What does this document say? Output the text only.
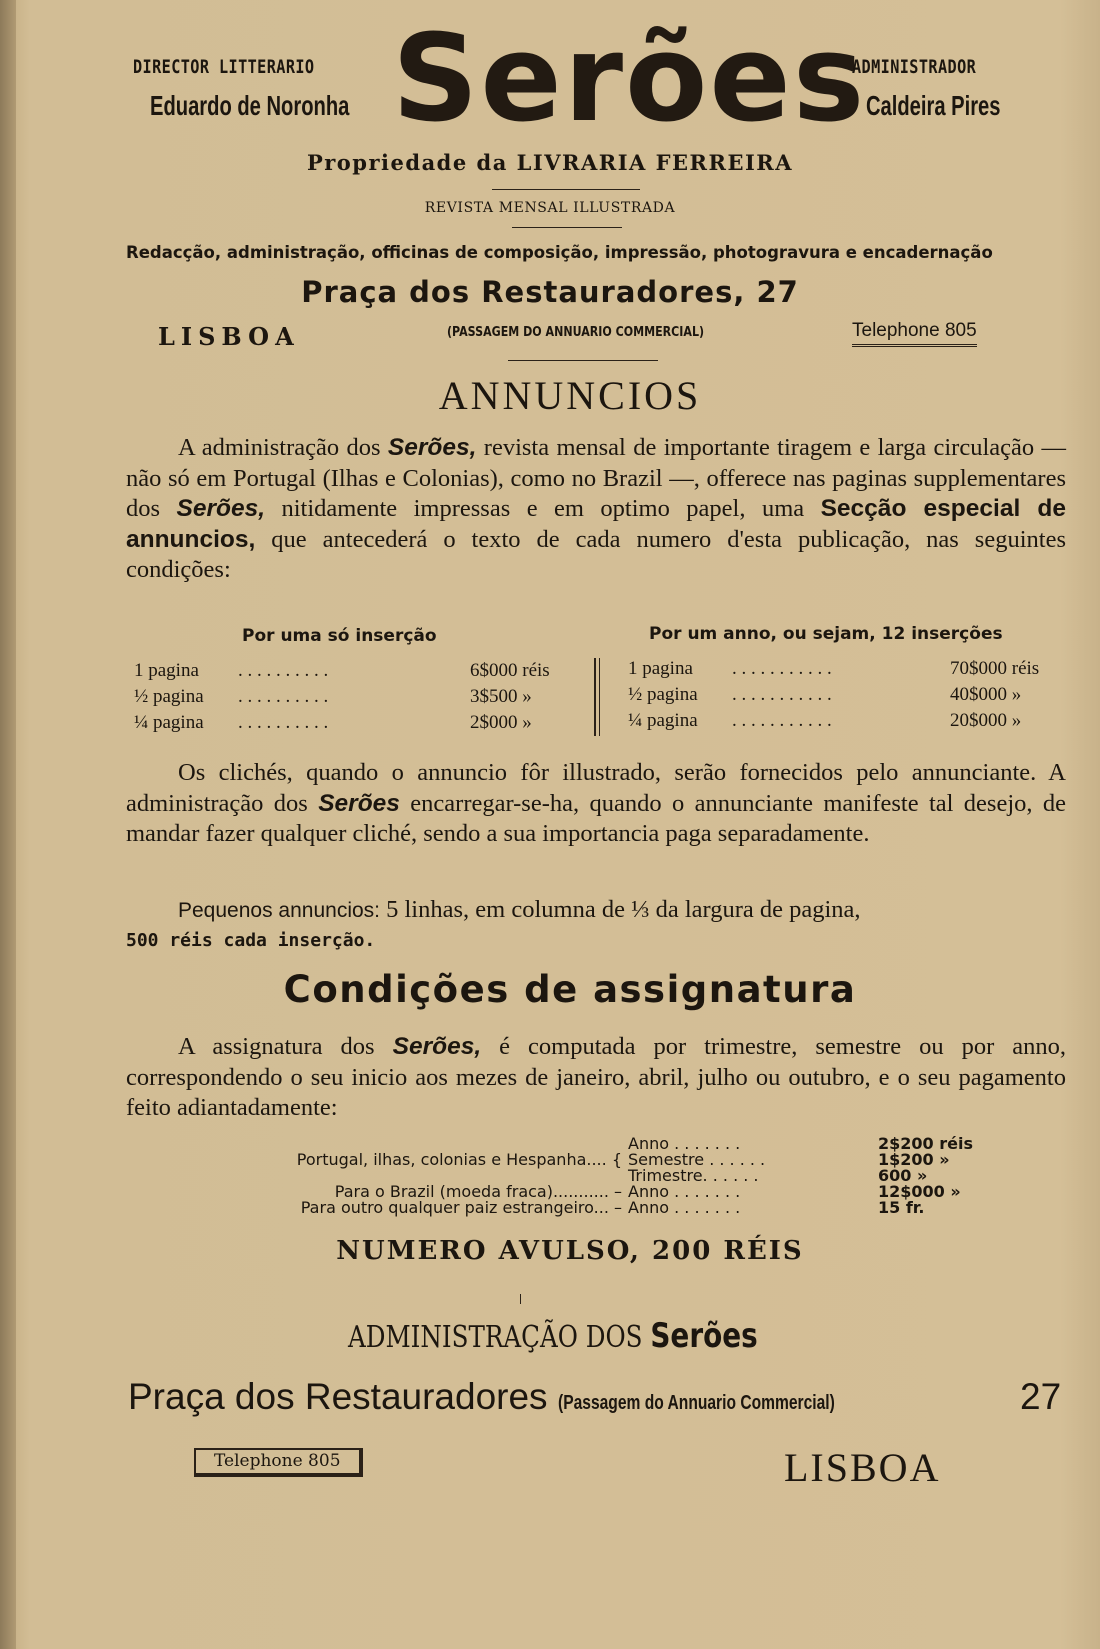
DIRECTOR LITTERARIO
Eduardo de Noronha Serões
ADMINISTRADOR
Caldeira Pires
Propriedade da LIVRARIA FERREIRA
REVISTA MENSAL ILLUSTRADA
Redacção, administração, officinas de composição, impressão, photogravura e encadernação
Praça dos Restauradores, 27
LISBOA	(PASSAGEM DO ANNUARIO COMMERCIAL)	Telephone 805
ANNUNCIOS

A administração dos Serões, revista mensal de importante tiragem e larga circulação — não só em Portugal (Ilhas e Colonias), como no Brazil —, offerece nas paginas supplementares dos Serões, nitidamente impressas e em optimo papel, uma Secção especial de annuncios, que antecederá o texto de cada numero d'esta publicação, nas seguintes condições:

Por uma só inserção	Por um anno, ou sejam, 12 inserções
1 pagina . . . . . . . . . .	6$000 réis
½ pagina . . . . . . . . . .	3$500 »
¼ pagina . . . . . . . . . .	2$000 »
1 pagina . . . . . . . . . . .	70$000 réis
½ pagina . . . . . . . . . . .	40$000 »
¼ pagina . . . . . . . . . . .	20$000 »

Os clichés, quando o annuncio fôr illustrado, serão fornecidos pelo annunciante. A administração dos Serões encarregar-se-ha, quando o annunciante manifeste tal desejo, de mandar fazer qualquer cliché, sendo a sua importancia paga separadamente.

Pequenos annuncios: 5 linhas, em columna de ⅓ da largura de pagina,

500 réis cada inserção.
Condições de assignatura

A assignatura dos Serões, é computada por trimestre, semestre ou por anno, correspondendo o seu inicio aos mezes de janeiro, abril, julho ou outubro, e o seu pagamento feito adiantadamente:

Anno . . . . . . .	2$200 réis
Portugal, ilhas, colonias e Hespanha.... { Semestre . . . . . .	1$200 »
Trimestre. . . . . .	600 »
Para o Brazil (moeda fraca)........... – Anno . . . . . . .	12$000 »
Para outro qualquer paiz estrangeiro... – Anno . . . . . . .	15 fr.
NUMERO AVULSO, 200 RÉIS
ADMINISTRAÇÃO DOS Serões
Praça dos Restauradores (Passagem do Annuario Commercial)	27
Telephone 805	LISBOA
